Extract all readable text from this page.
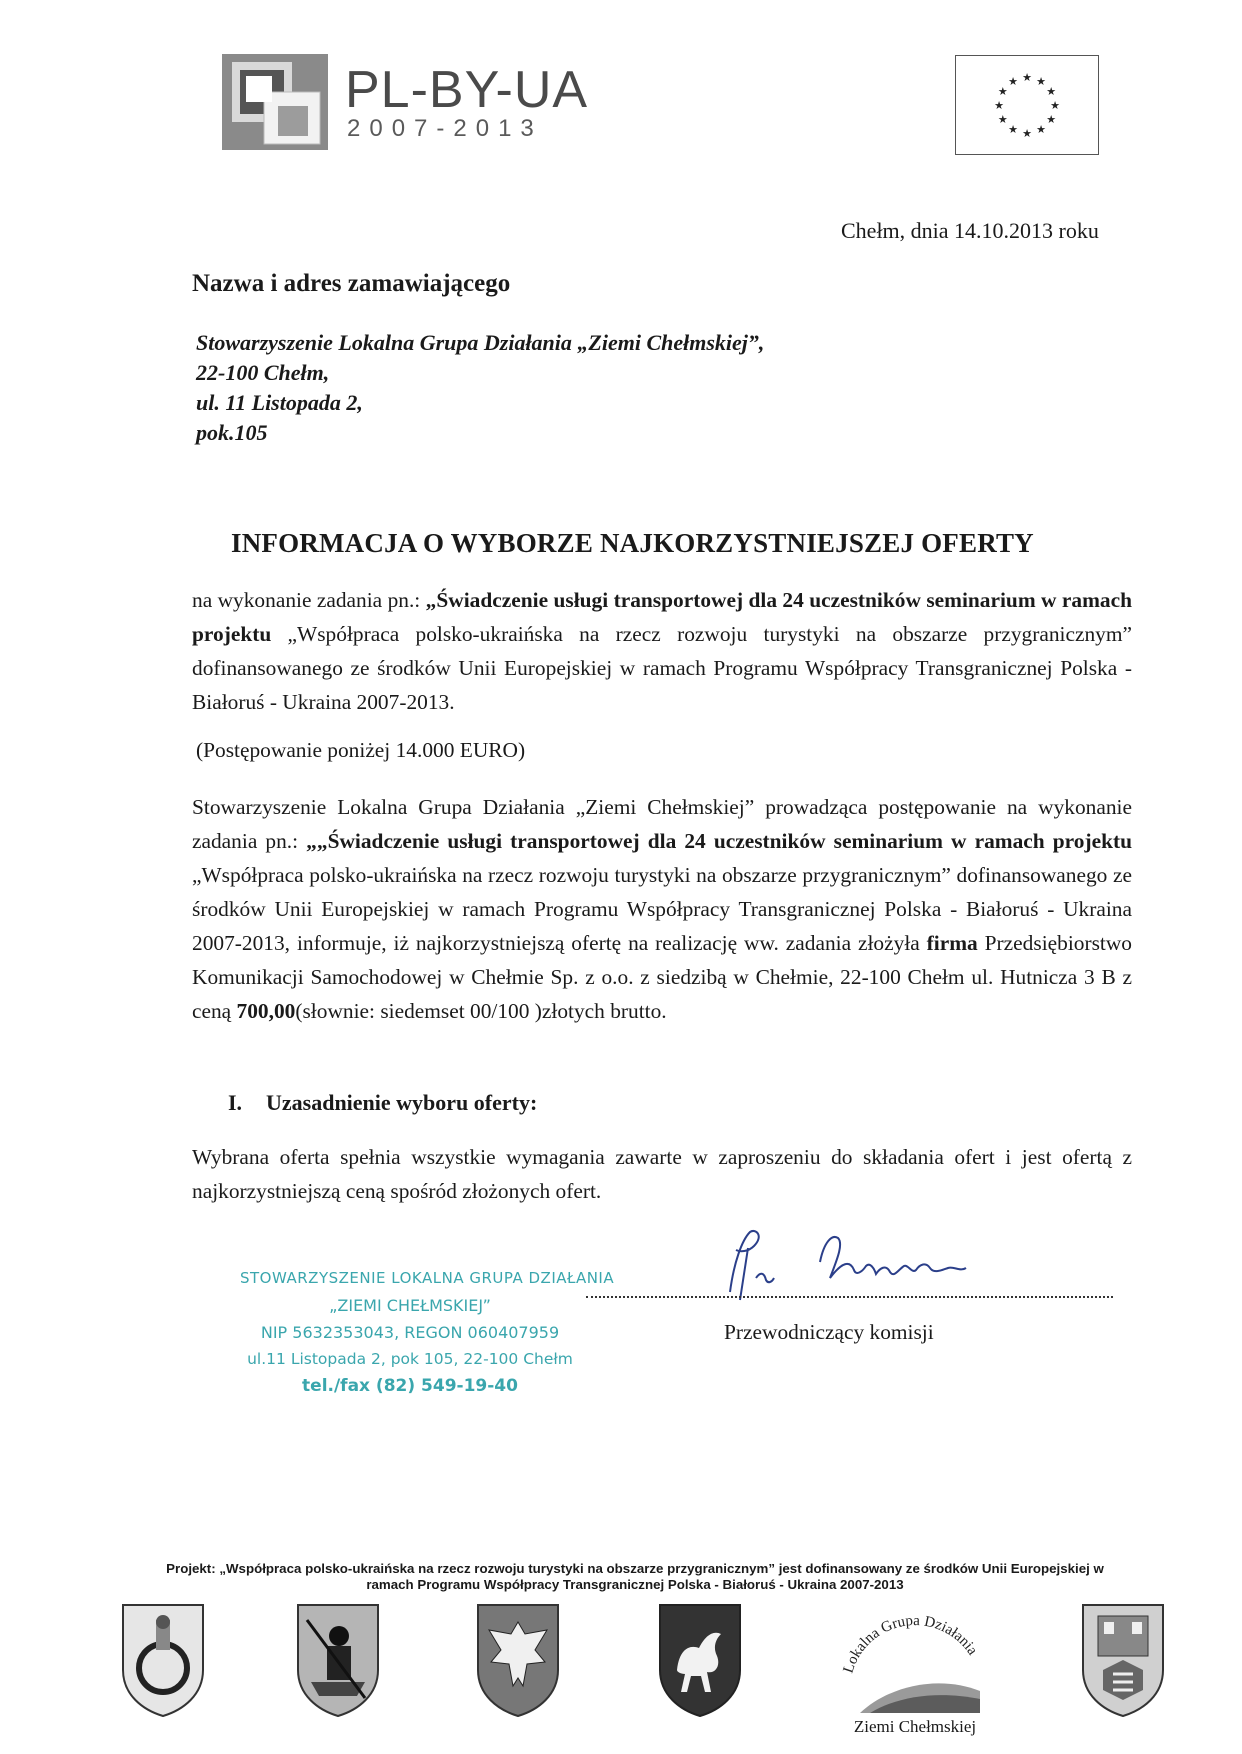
PL-BY-UA
2007-2013
★ ★
★
★
★
★
★
★
★
★
★
★
Chełm, dnia 14.10.2013 roku
Nazwa i adres zamawiającego
Stowarzyszenie Lokalna Grupa Działania „Ziemi Chełmskiej”,
22-100 Chełm,
ul. 11 Listopada 2,
pok.105
INFORMACJA O WYBORZE NAJKORZYSTNIEJSZEJ OFERTY
na wykonanie zadania pn.: „Świadczenie usługi transportowej dla 24 uczestników seminarium w ramach projektu „Współpraca polsko-ukraińska na rzecz rozwoju turystyki na obszarze przygranicznym” dofinansowanego ze środków Unii Europejskiej w ramach Programu Współpracy Transgranicznej Polska - Białoruś - Ukraina 2007-2013.
(Postępowanie poniżej 14.000 EURO)
Stowarzyszenie Lokalna Grupa Działania „Ziemi Chełmskiej” prowadząca postępowanie na wykonanie zadania pn.: „„Świadczenie usługi transportowej dla 24 uczestników seminarium w ramach projektu „Współpraca polsko-ukraińska na rzecz rozwoju turystyki na obszarze przygranicznym” dofinansowanego ze środków Unii Europejskiej w ramach Programu Współpracy Transgranicznej Polska - Białoruś - Ukraina 2007-2013, informuje, iż najkorzystniejszą ofertę na realizację ww. zadania złożyła firma Przedsiębiorstwo Komunikacji Samochodowej w Chełmie Sp. z o.o. z siedzibą w Chełmie, 22-100 Chełm ul. Hutnicza 3 B z ceną 700,00(słownie: siedemset 00/100 )złotych brutto.
I. Uzasadnienie wyboru oferty:
Wybrana oferta spełnia wszystkie wymagania zawarte w zaproszeniu do składania ofert i jest ofertą z najkorzystniejszą ceną spośród złożonych ofert.
STOWARZYSZENIE LOKALNA GRUPA DZIAŁANIA
„ZIEMI CHEŁMSKIEJ”
NIP 5632353043, REGON 060407959
ul.11 Listopada 2, pok 105, 22-100 Chełm
tel./fax (82) 549-19-40
Przewodniczący komisji
Projekt: „Współpraca polsko-ukraińska na rzecz rozwoju turystyki na obszarze przygranicznym” jest dofinansowany ze środków Unii Europejskiej w ramach Programu Współpracy Transgranicznej Polska - Białoruś - Ukraina 2007-2013
Lokalna Grupa Działania
Ziemi Chełmskiej
